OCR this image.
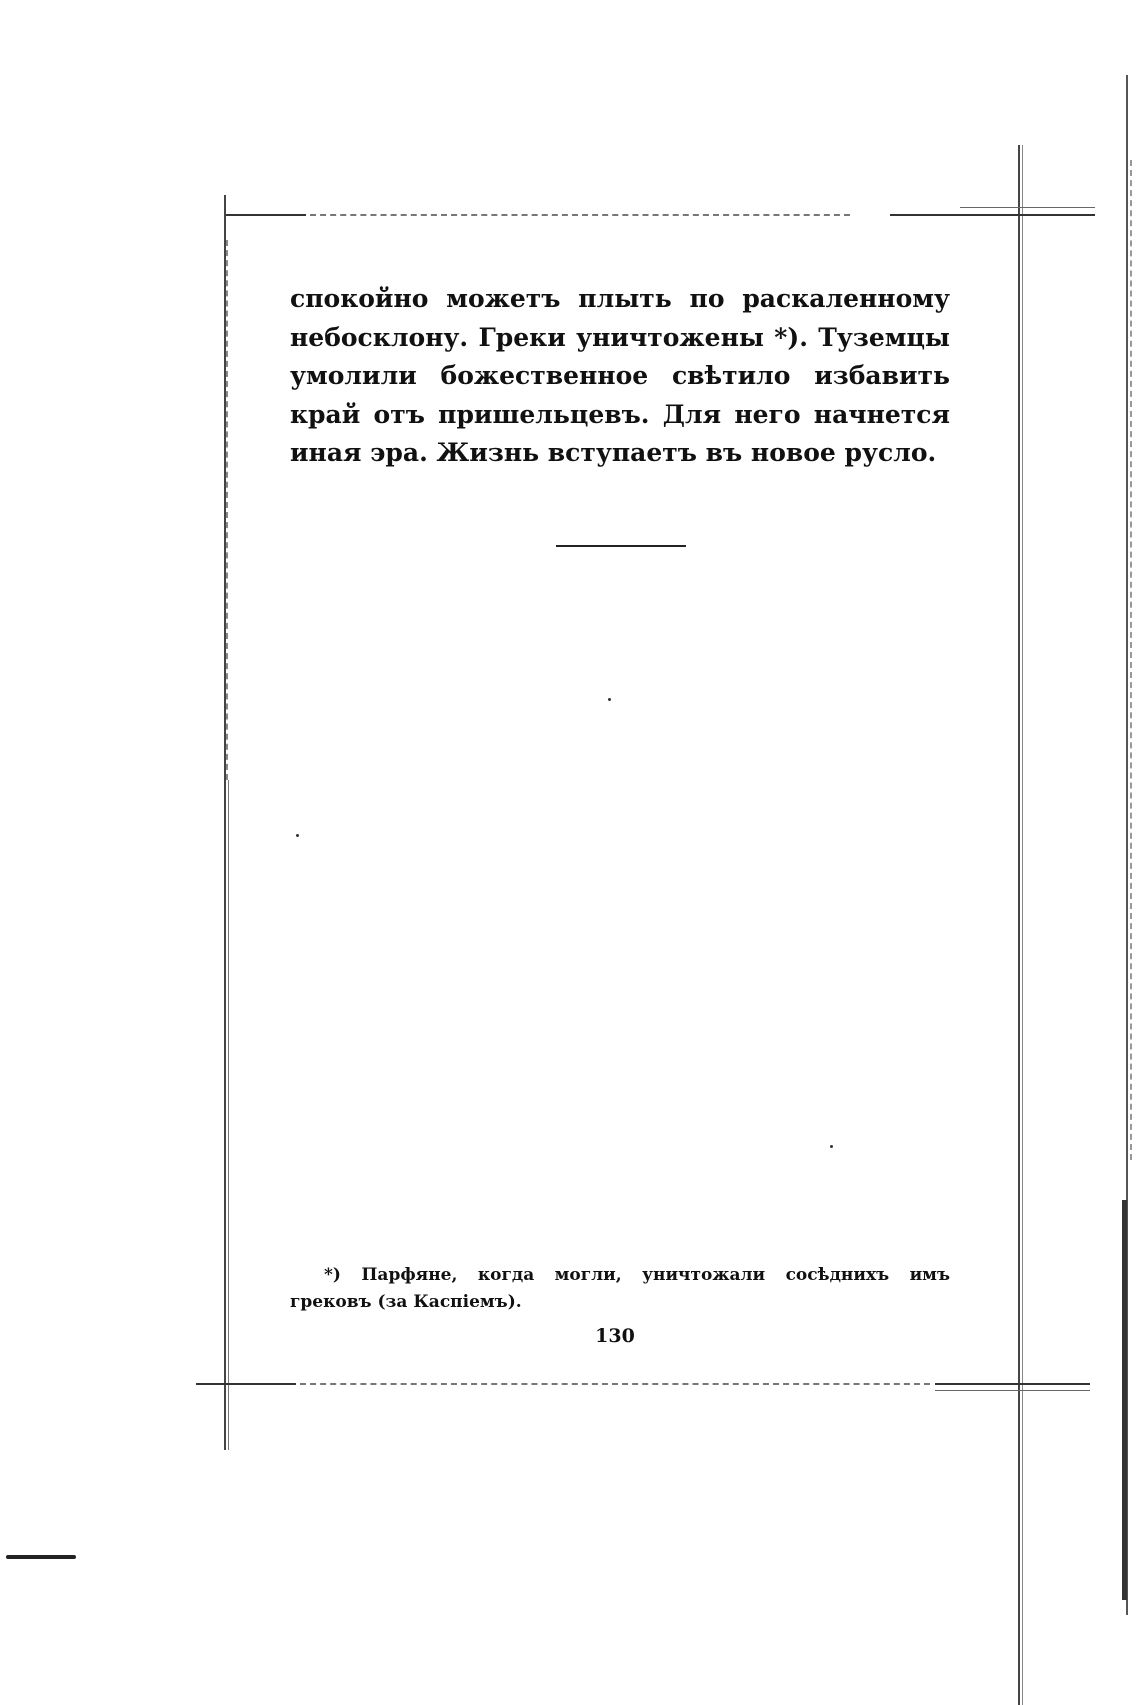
спокойно можетъ плыть по раскаленному небосклону. Греки уничтожены *). Туземцы умолили божественное свѣтило избавить край отъ пришельцевъ. Для него начнется иная эра. Жизнь вступаетъ въ новое русло.

*) Парфяне, когда могли, уничтожали сосѣднихъ имъ грековъ (за Каспіемъ).
130
